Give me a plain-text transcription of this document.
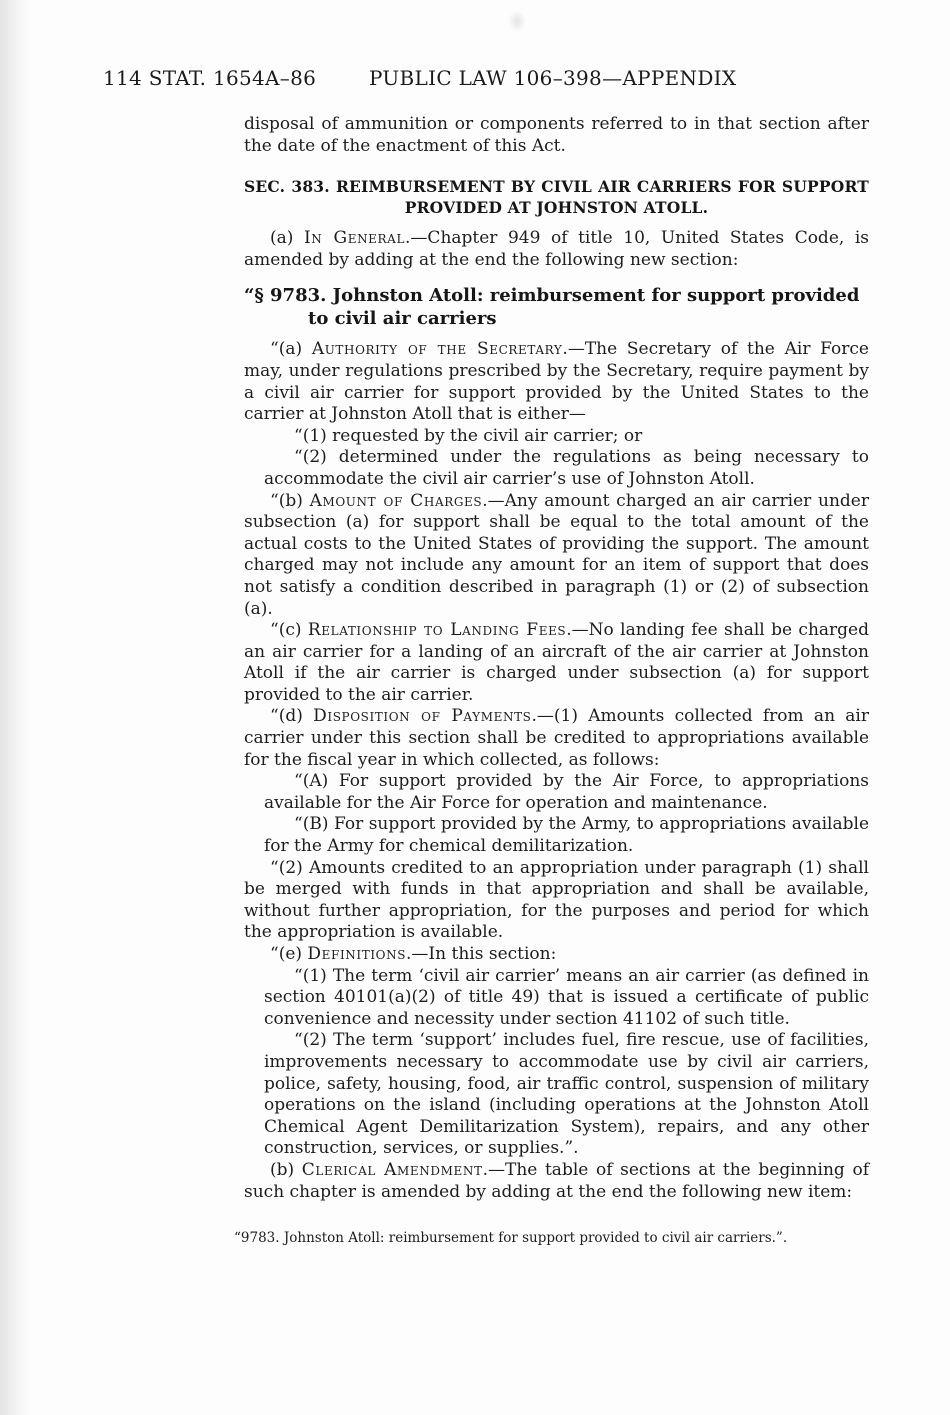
114 STAT. 1654A–86	PUBLIC LAW 106–398—APPENDIX

disposal of ammunition or components referred to in that section after the date of the enactment of this Act.

SEC. 383. REIMBURSEMENT BY CIVIL AIR CARRIERS FOR SUPPORT PROVIDED AT JOHNSTON ATOLL.

(a) In General.—Chapter 949 of title 10, United States Code, is amended by adding at the end the following new section:

“§ 9783. Johnston Atoll: reimbursement for support provided to civil air carriers

“(a) Authority of the Secretary.—The Secretary of the Air Force may, under regulations prescribed by the Secretary, require payment by a civil air carrier for support provided by the United States to the carrier at Johnston Atoll that is either—

“(1) requested by the civil air carrier; or

“(2) determined under the regulations as being necessary to accommodate the civil air carrier’s use of Johnston Atoll.

“(b) Amount of Charges.—Any amount charged an air carrier under subsection (a) for support shall be equal to the total amount of the actual costs to the United States of providing the support. The amount charged may not include any amount for an item of support that does not satisfy a condition described in paragraph (1) or (2) of subsection (a).

“(c) Relationship to Landing Fees.—No landing fee shall be charged an air carrier for a landing of an aircraft of the air carrier at Johnston Atoll if the air carrier is charged under subsection (a) for support provided to the air carrier.

“(d) Disposition of Payments.—(1) Amounts collected from an air carrier under this section shall be credited to appropriations available for the fiscal year in which collected, as follows:

“(A) For support provided by the Air Force, to appropriations available for the Air Force for operation and maintenance.

“(B) For support provided by the Army, to appropriations available for the Army for chemical demilitarization.

“(2) Amounts credited to an appropriation under paragraph (1) shall be merged with funds in that appropriation and shall be available, without further appropriation, for the purposes and period for which the appropriation is available.

“(e) Definitions.—In this section:

“(1) The term ‘civil air carrier’ means an air carrier (as defined in section 40101(a)(2) of title 49) that is issued a certificate of public convenience and necessity under section 41102 of such title.

“(2) The term ‘support’ includes fuel, fire rescue, use of facilities, improvements necessary to accommodate use by civil air carriers, police, safety, housing, food, air traffic control, suspension of military operations on the island (including operations at the Johnston Atoll Chemical Agent Demilitarization System), repairs, and any other construction, services, or supplies.”.

(b) Clerical Amendment.—The table of sections at the beginning of such chapter is amended by adding at the end the following new item:

“9783. Johnston Atoll: reimbursement for support provided to civil air carriers.”.
